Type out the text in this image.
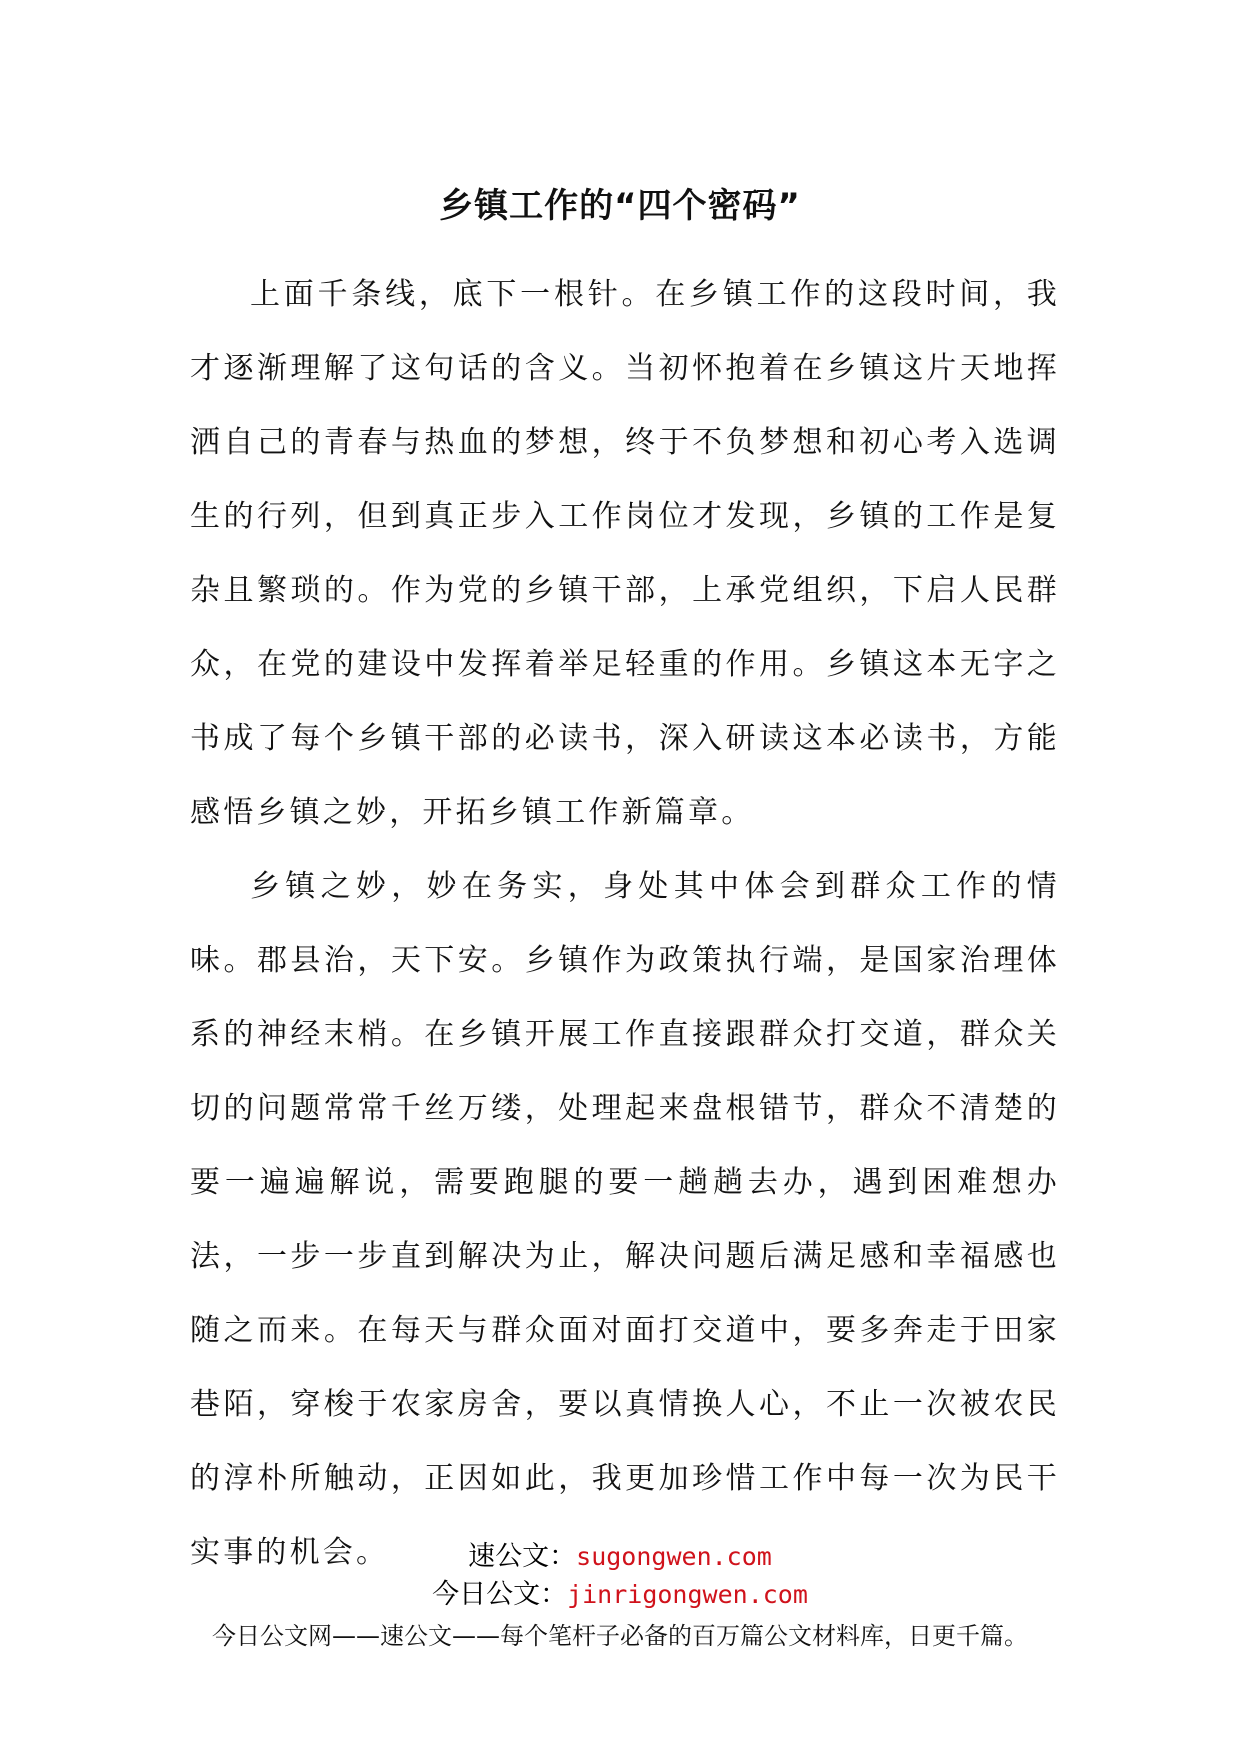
乡镇工作的“四个密码”

上面千条线，底下一根针。在乡镇工作的这段时间，我才逐渐理解了这句话的含义。当初怀抱着在乡镇这片天地挥洒自己的青春与热血的梦想，终于不负梦想和初心考入选调生的行列，但到真正步入工作岗位才发现，乡镇的工作是复杂且繁琐的。作为党的乡镇干部，上承党组织，下启人民群众，在党的建设中发挥着举足轻重的作用。乡镇这本无字之书成了每个乡镇干部的必读书，深入研读这本必读书，方能感悟乡镇之妙，开拓乡镇工作新篇章。

乡镇之妙，妙在务实，身处其中体会到群众工作的情味。郡县治，天下安。乡镇作为政策执行端，是国家治理体系的神经末梢。在乡镇开展工作直接跟群众打交道，群众关切的问题常常千丝万缕，处理起来盘根错节，群众不清楚的要一遍遍解说，需要跑腿的要一趟趟去办，遇到困难想办法，一步一步直到解决为止，解决问题后满足感和幸福感也随之而来。在每天与群众面对面打交道中，要多奔走于田家巷陌，穿梭于农家房舍，要以真情换人心，不止一次被农民的淳朴所触动，正因如此，我更加珍惜工作中每一次为民干实事的机会。	速公文：sugongwen.com
今日公文：jinrigongwen.com
今日公文网——速公文——每个笔杆子必备的百万篇公文材料库，日更千篇。
